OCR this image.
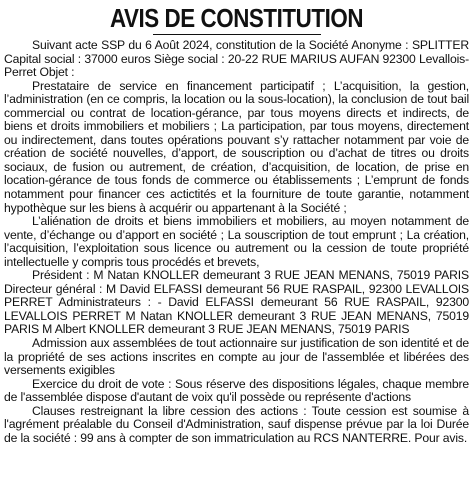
AVIS DE CONSTITUTION

Suivant acte SSP du 6 Août 2024, constitution de la Société Anonyme : SPLITTER Capital social : 37000 euros Siège social : 20-22 RUE MARIUS AUFAN 92300 Levallois-Perret Objet :

Prestataire de service en financement participatif ; L’acquisition, la gestion, l’administration (en ce compris, la location ou la sous-location), la conclusion de tout bail commercial ou contrat de location-gérance, par tous moyens directs et indirects, de biens et droits immobiliers et mobiliers ; La participation, par tous moyens, directement ou indirectement, dans toutes opérations pouvant s’y rattacher notamment par voie de création de société nouvelles, d’apport, de souscription ou d’achat de titres ou droits sociaux, de fusion ou autrement, de création, d’acquisition, de location, de prise en location-gérance de tous fonds de commerce ou établissements ; L’emprunt de fonds notamment pour financer ces actictités et la fourniture de toute garantie, notamment hypothèque sur les biens à acquérir ou appartenant à la Société ;

L’aliénation de droits et biens immobiliers et mobiliers, au moyen notamment de vente, d’échange ou d’apport en société ; La souscription de tout emprunt ; La création, l’acquisition, l’exploitation sous licence ou autrement ou la cession de toute propriété intellectuelle y compris tous procédés et brevets,

Président : M Natan KNOLLER demeurant 3 RUE JEAN MENANS, 75019 PARIS Directeur général : M David ELFASSI demeurant 56 RUE RASPAIL, 92300 LEVALLOIS PERRET Administrateurs : - David ELFASSI demeurant 56 RUE RASPAIL, 92300 LEVALLOIS PERRET M Natan KNOLLER demeurant 3 RUE JEAN MENANS, 75019 PARIS M Albert KNOLLER demeurant 3 RUE JEAN MENANS, 75019 PARIS

Admission aux assemblées de tout actionnaire sur justification de son identité et de la propriété de ses actions inscrites en compte au jour de l'assemblée et libérées des versements exigibles

Exercice du droit de vote : Sous réserve des dispositions légales, chaque membre de l'assemblée dispose d'autant de voix qu'il possède ou représente d'actions

Clauses restreignant la libre cession des actions : Toute cession est soumise à l'agrément préalable du Conseil d'Administration, sauf dispense prévue par la loi Durée de la société : 99 ans à compter de son immatriculation au RCS NANTERRE. Pour avis.
